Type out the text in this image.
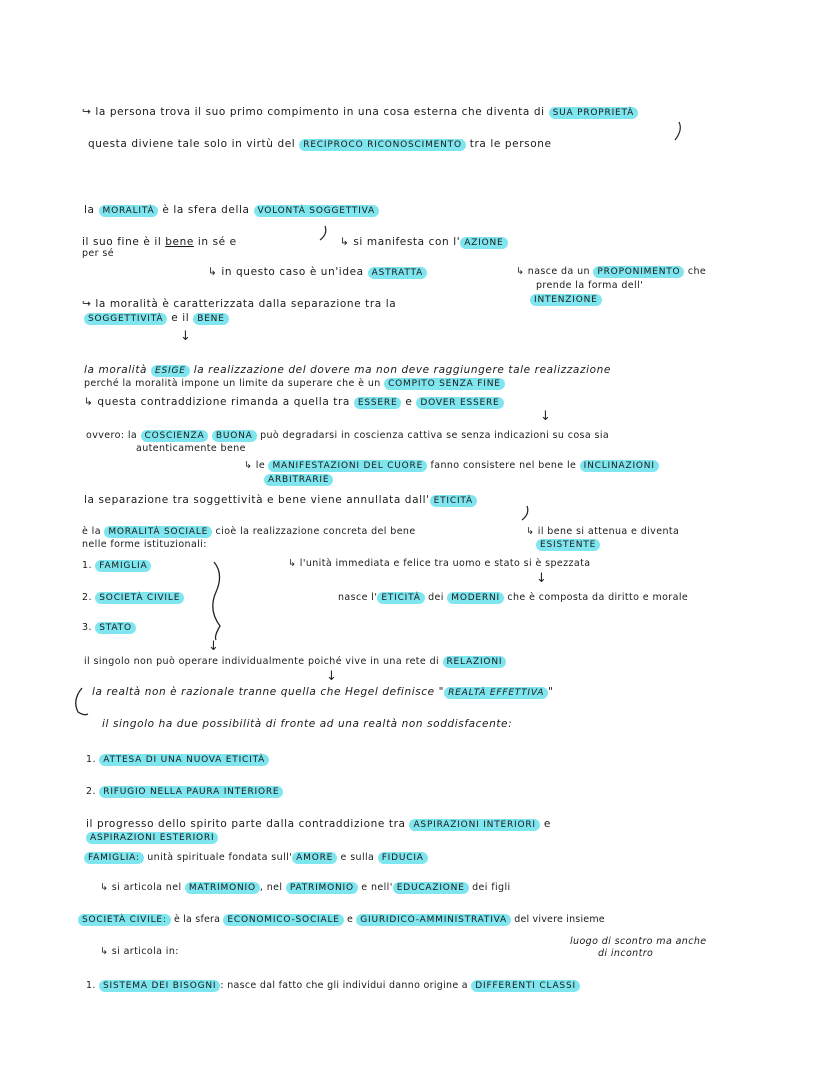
↪ la persona trova il suo primo compimento in una cosa esterna che diventa di SUA PROPRIETÀ
questa diviene tale solo in virtù del RECIPROCO RICONOSCIMENTO tra le persone
la MORALITÀ è la sfera della VOLONTÀ SOGGETTIVA
il suo fine è il bene in sé e	↳ si manifesta con l' AZIONE
per sé
↳ in questo caso è un'idea ASTRATTA	↳ nasce da un PROPONIMENTO che
prende la forma dell'
INTENZIONE
↪ la moralità è caratterizzata dalla separazione tra la
SOGGETTIVITÀ e il BENE
↓
la moralità ESIGE la realizzazione del dovere ma non deve raggiungere tale realizzazione
perché la moralità impone un limite da superare che è un COMPITO SENZA FINE
↳ questa contraddizione rimanda a quella tra ESSERE e DOVER ESSERE
↓
ovvero: la COSCIENZA BUONA può degradarsi in coscienza cattiva se senza indicazioni su cosa sia
autenticamente bene
↳ le MANIFESTAZIONI DEL CUORE fanno consistere nel bene le INCLINAZIONI
ARBITRARIE
la separazione tra soggettività e bene viene annullata dall' ETICITÀ
è la MORALITÀ SOCIALE cioè la realizzazione concreta del bene
nelle forme istituzionali:
↳ il bene si attenua e diventa
ESISTENTE
1. FAMIGLIA	↳ l'unità immediata e felice tra uomo e stato si è spezzata
↓
2. SOCIETÀ CIVILE	nasce l' ETICITÀ dei MODERNI che è composta da diritto e morale
3. STATO
↓
il singolo non può operare individualmente poiché vive in una rete di RELAZIONI
↓
la realtà non è razionale tranne quella che Hegel definisce " REALTÀ EFFETTIVA "
il singolo ha due possibilità di fronte ad una realtà non soddisfacente:
1. ATTESA DI UNA NUOVA ETICITÀ
2. RIFUGIO NELLA PAURA INTERIORE
il progresso dello spirito parte dalla contraddizione tra ASPIRAZIONI INTERIORI e
ASPIRAZIONI ESTERIORI
FAMIGLIA: unità spirituale fondata sull' AMORE e sulla FIDUCIA
↳ si articola nel MATRIMONIO , nel PATRIMONIO e nell' EDUCAZIONE dei figli
SOCIETÀ CIVILE: è la sfera ECONOMICO-SOCIALE e GIURIDICO-AMMINISTRATIVA del vivere insieme
↳ si articola in:
luogo di scontro ma anche
di incontro
1. SISTEMA DEI BISOGNI : nasce dal fatto che gli individui danno origine a DIFFERENTI CLASSI
